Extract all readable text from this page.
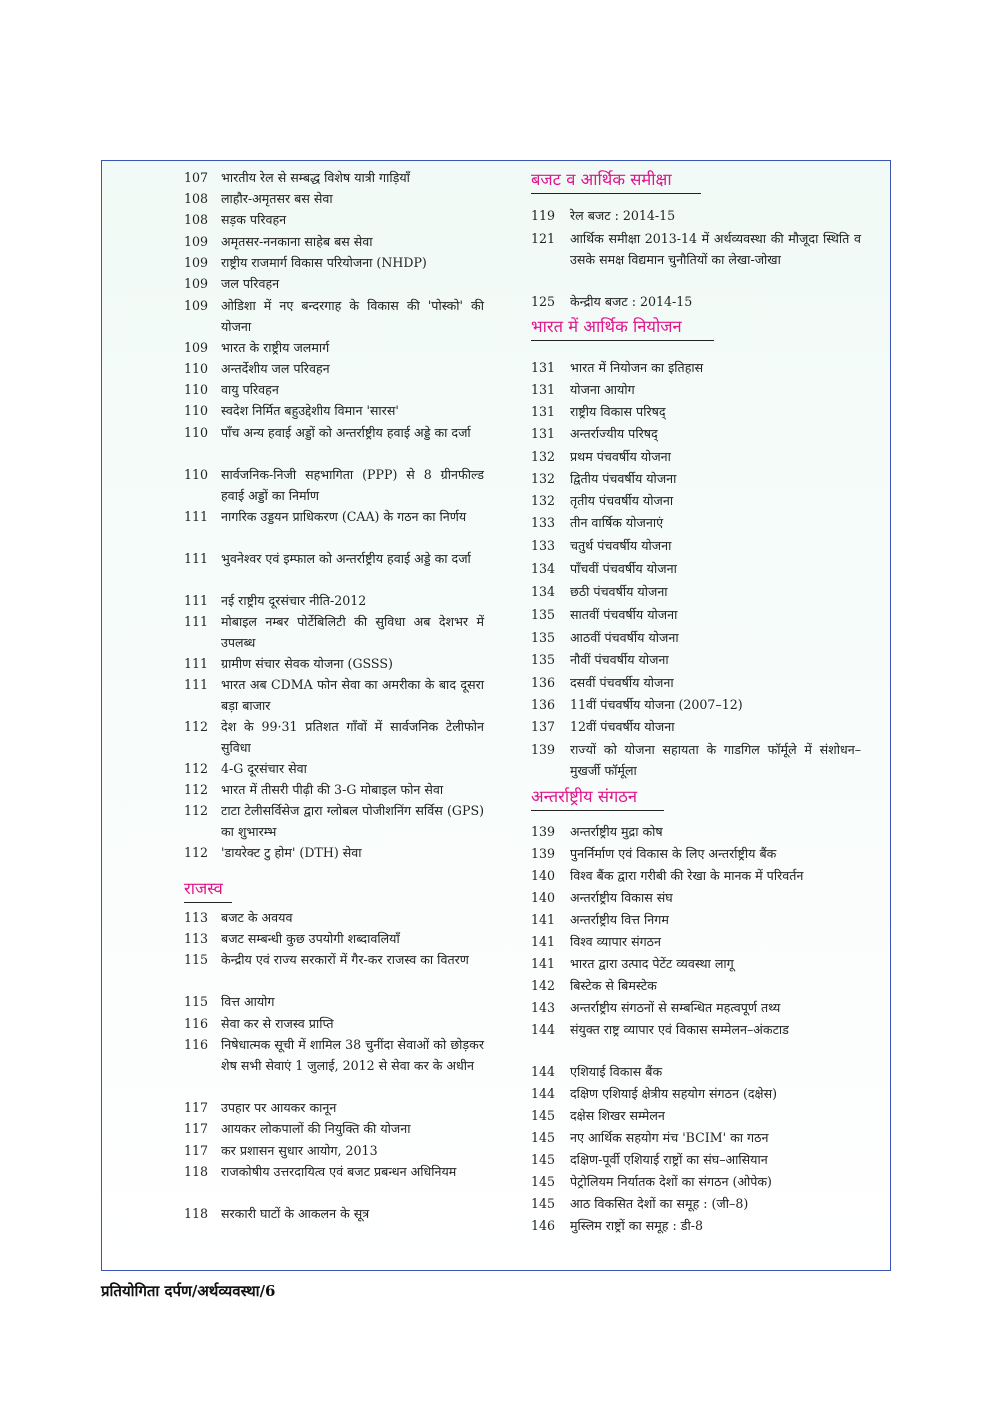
107	भारतीय रेल से सम्बद्ध विशेष यात्री गाड़ियाँ
108	लाहौर-अमृतसर बस सेवा
108	सड़क परिवहन
109	अमृतसर-ननकाना साहेब बस सेवा
109	राष्ट्रीय राजमार्ग विकास परियोजना (NHDP)
109	जल परिवहन
109	ओडिशा में नए बन्दरगाह के विकास की 'पोस्को' की योजना
109	भारत के राष्ट्रीय जलमार्ग
110	अन्तर्देशीय जल परिवहन
110	वायु परिवहन
110	स्वदेश निर्मित बहुउद्देशीय विमान 'सारस'
110	पाँच अन्य हवाई अड्डों को अन्तर्राष्ट्रीय हवाई अड्डे का दर्जा
110	सार्वजनिक-निजी सहभागिता (PPP) से 8 ग्रीनफील्ड हवाई अड्डों का निर्माण
111	नागरिक उड्डयन प्राधिकरण (CAA) के गठन का निर्णय
111	भुवनेश्वर एवं इम्फाल को अन्तर्राष्ट्रीय हवाई अड्डे का दर्जा
111	नई राष्ट्रीय दूरसंचार नीति-2012
111	मोबाइल नम्बर पोर्टेबिलिटी की सुविधा अब देशभर में उपलब्ध
111	ग्रामीण संचार सेवक योजना (GSSS)
111	भारत अब CDMA फोन सेवा का अमरीका के बाद दूसरा बड़ा बाजार
112	देश के 99·31 प्रतिशत गाँवों में सार्वजनिक टेलीफोन सुविधा
112	4-G दूरसंचार सेवा
112	भारत में तीसरी पीढ़ी की 3-G मोबाइल फोन सेवा
112	टाटा टेलीसर्विसेज द्वारा ग्लोबल पोजीशनिंग सर्विस (GPS) का शुभारम्भ
112	'डायरेक्ट टु होम' (DTH) सेवा
राजस्व
113	बजट के अवयव
113	बजट सम्बन्धी कुछ उपयोगी शब्दावलियाँ
115	केन्द्रीय एवं राज्य सरकारों में गैर-कर राजस्व का वितरण
115	वित्त आयोग
116	सेवा कर से राजस्व प्राप्ति
116	निषेधात्मक सूची में शामिल 38 चुनींदा सेवाओं को छोड़कर शेष सभी सेवाएं 1 जुलाई, 2012 से सेवा कर के अधीन
117	उपहार पर आयकर कानून
117	आयकर लोकपालों की नियुक्ति की योजना
117	कर प्रशासन सुधार आयोग, 2013
118	राजकोषीय उत्तरदायित्व एवं बजट प्रबन्धन अधिनियम
118	सरकारी घाटों के आकलन के सूत्र
बजट व आर्थिक समीक्षा
119	रेल बजट : 2014-15
121	आर्थिक समीक्षा 2013-14 में अर्थव्यवस्था की मौजूदा स्थिति व उसके समक्ष विद्यमान चुनौतियों का लेखा-जोखा
125	केन्द्रीय बजट : 2014-15
भारत में आर्थिक नियोजन
131	भारत में नियोजन का इतिहास
131	योजना आयोग
131	राष्ट्रीय विकास परिषद्
131	अन्तर्राज्यीय परिषद्
132	प्रथम पंचवर्षीय योजना
132	द्वितीय पंचवर्षीय योजना
132	तृतीय पंचवर्षीय योजना
133	तीन वार्षिक योजनाएं
133	चतुर्थ पंचवर्षीय योजना
134	पाँचवीं पंचवर्षीय योजना
134	छठी पंचवर्षीय योजना
135	सातवीं पंचवर्षीय योजना
135	आठवीं पंचवर्षीय योजना
135	नौवीं पंचवर्षीय योजना
136	दसवीं पंचवर्षीय योजना
136	11वीं पंचवर्षीय योजना (2007–12)
137	12वीं पंचवर्षीय योजना
139	राज्यों को योजना सहायता के गाडगिल फॉर्मूले में संशोधन–मुखर्जी फॉर्मूला
अन्तर्राष्ट्रीय संगठन
139	अन्तर्राष्ट्रीय मुद्रा कोष
139	पुनर्निर्माण एवं विकास के लिए अन्तर्राष्ट्रीय बैंक
140	विश्व बैंक द्वारा गरीबी की रेखा के मानक में परिवर्तन
140	अन्तर्राष्ट्रीय विकास संघ
141	अन्तर्राष्ट्रीय वित्त निगम
141	विश्व व्यापार संगठन
141	भारत द्वारा उत्पाद पेटेंट व्यवस्था लागू
142	बिस्टेक से बिमस्टेक
143	अन्तर्राष्ट्रीय संगठनों से सम्बन्धित महत्वपूर्ण तथ्य
144	संयुक्त राष्ट्र व्यापार एवं विकास सम्मेलन–अंकटाड
144	एशियाई विकास बैंक
144	दक्षिण एशियाई क्षेत्रीय सहयोग संगठन (दक्षेस)
145	दक्षेस शिखर सम्मेलन
145	नए आर्थिक सहयोग मंच 'BCIM' का गठन
145	दक्षिण-पूर्वी एशियाई राष्ट्रों का संघ–आसियान
145	पेट्रोलियम निर्यातक देशों का संगठन (ओपेक)
145	आठ विकसित देशों का समूह : (जी–8)
146	मुस्लिम राष्ट्रों का समूह : डी-8
प्रतियोगिता दर्पण/अर्थव्यवस्था/6
